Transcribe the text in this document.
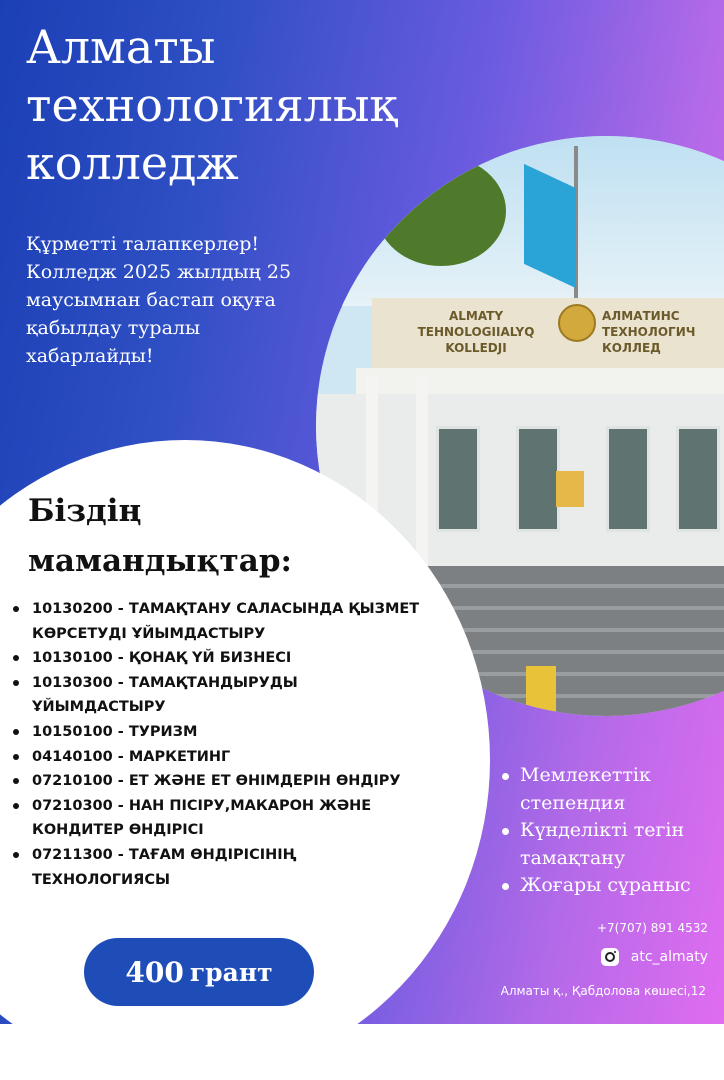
Алматы
технологиялық
колледж

Құрметті талапкерлер!
Колледж 2025 жылдың 25
маусымнан бастап оқуға
қабылдау туралы
хабарлайды!

ALMATY
TEHNOLOGIIALYQ
KOLLEDJI
АЛМАТИНС
ТЕХНОЛОГИЧ
КОЛЛЕД
Біздің
мамандықтар:
10130200 - ТАМАҚТАНУ САЛАСЫНДА ҚЫЗМЕТ КӨРСЕТУДІ ҰЙЫМДАСТЫРУ
10130100 - ҚОНАҚ ҮЙ БИЗНЕСІ
10130300 - ТАМАҚТАНДЫРУДЫ ҰЙЫМДАСТЫРУ
10150100 - ТУРИЗМ
04140100 - МАРКЕТИНГ
07210100 - ЕТ ЖӘНЕ ЕТ ӨНІМДЕРІН ӨНДІРУ
07210300 - НАН ПІСІРУ,МАКАРОН ЖӘНЕ КОНДИТЕР ӨНДІРІСІ
07211300 - ТАҒАМ ӨНДІРІСІНІҢ ТЕХНОЛОГИЯСЫ
400 грант
Мемлекеттік степендия
Күнделікті тегін тамақтану
Жоғары сұраныс
+7(707) 891 4532
atc_almaty
Алматы қ., Қабдолова көшесі,12
